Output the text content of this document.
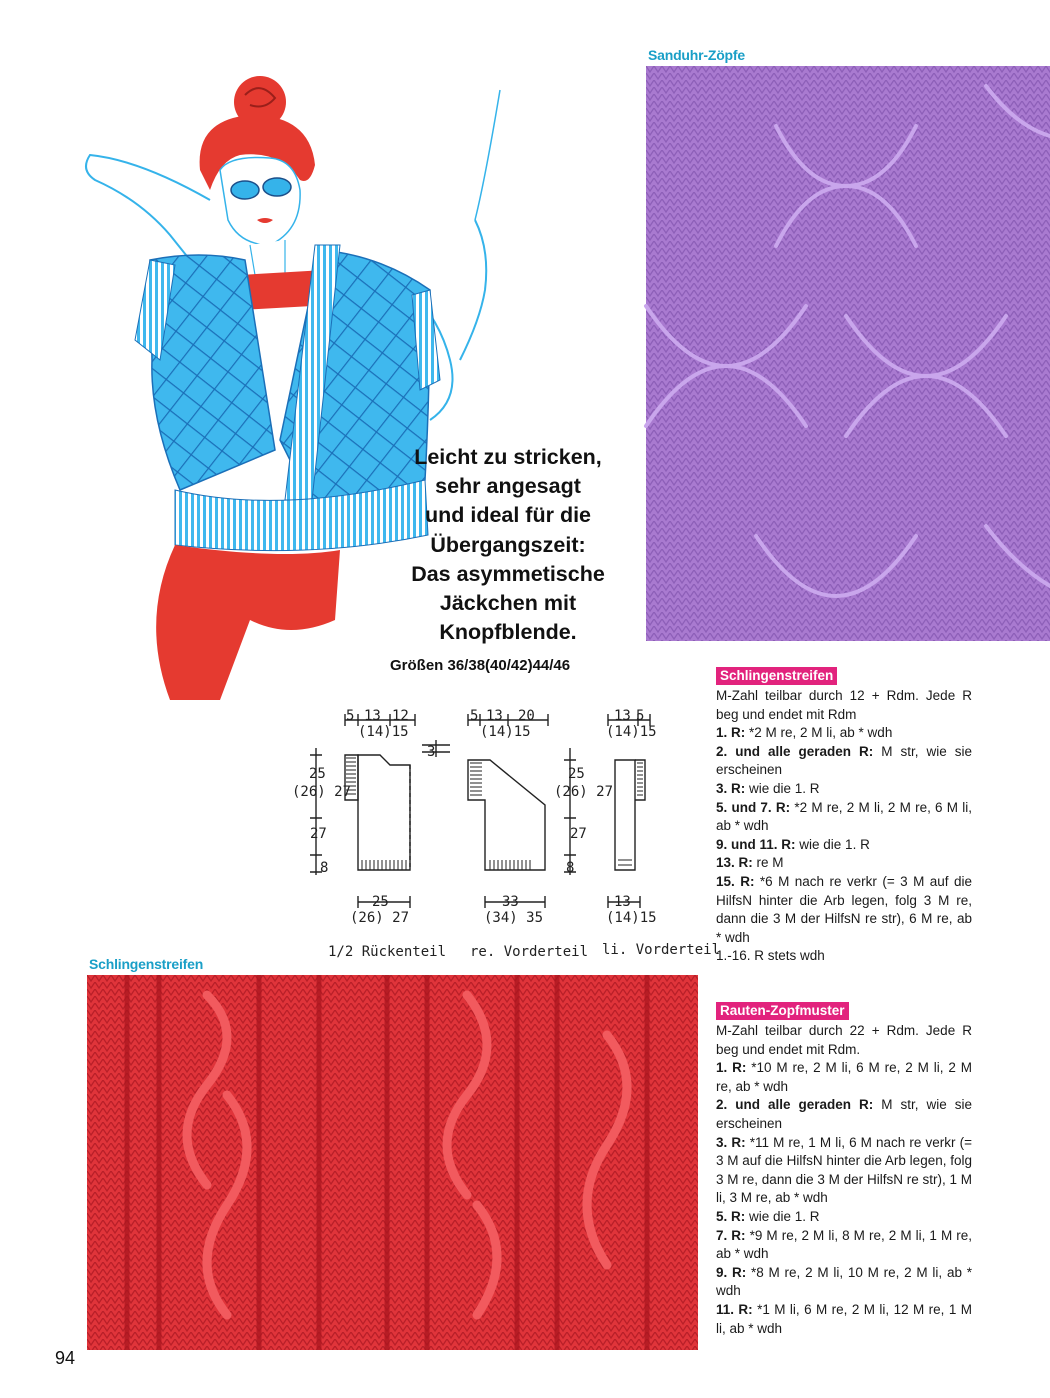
Leicht zu stricken,
sehr angesagt
und ideal für die
Übergangszeit:
Das asymmetische
Jäckchen mit
Knopfblende.
Größen 36/38(40/42)44/46
Sanduhr-Zöpfe
5 13 12
(14)15
3
25
(26) 27
27
8
25
(26) 27
1/2 Rückenteil
5 13 20
(14)15
25
(26) 27
27
8
33
(34) 35
re. Vorderteil
13 5
(14)15
13
(14)15
li. Vorderteil
Schlingenstreifen
Schlingenstreifen

M-Zahl teilbar durch 12 + Rdm. Jede R beg und endet mit Rdm

1. R: *2 M re, 2 M li, ab * wdh

2. und alle geraden R: M str, wie sie erscheinen

3. R: wie die 1. R

5. und 7. R: *2 M re, 2 M li, 2 M re, 6 M li, ab * wdh

9. und 11. R: wie die 1. R

13. R: re M

15. R: *6 M nach re verkr (= 3 M auf die HilfsN hinter die Arb legen, folg 3 M re, dann die 3 M der HilfsN re str), 6 M re, ab * wdh

1.-16. R stets wdh

Rauten-Zopfmuster

M-Zahl teilbar durch 22 + Rdm. Jede R beg und endet mit Rdm.

1. R: *10 M re, 2 M li, 6 M re, 2 M li, 2 M re, ab * wdh

2. und alle geraden R: M str, wie sie erscheinen

3. R: *11 M re, 1 M li, 6 M nach re verkr (= 3 M auf die HilfsN hinter die Arb legen, folg 3 M re, dann die 3 M der HilfsN re str), 1 M li, 3 M re, ab * wdh

5. R: wie die 1. R

7. R: *9 M re, 2 M li, 8 M re, 2 M li, 1 M re, ab * wdh

9. R: *8 M re, 2 M li, 10 M re, 2 M li, ab * wdh

11. R: *1 M li, 6 M re, 2 M li, 12 M re, 1 M li, ab * wdh

94
